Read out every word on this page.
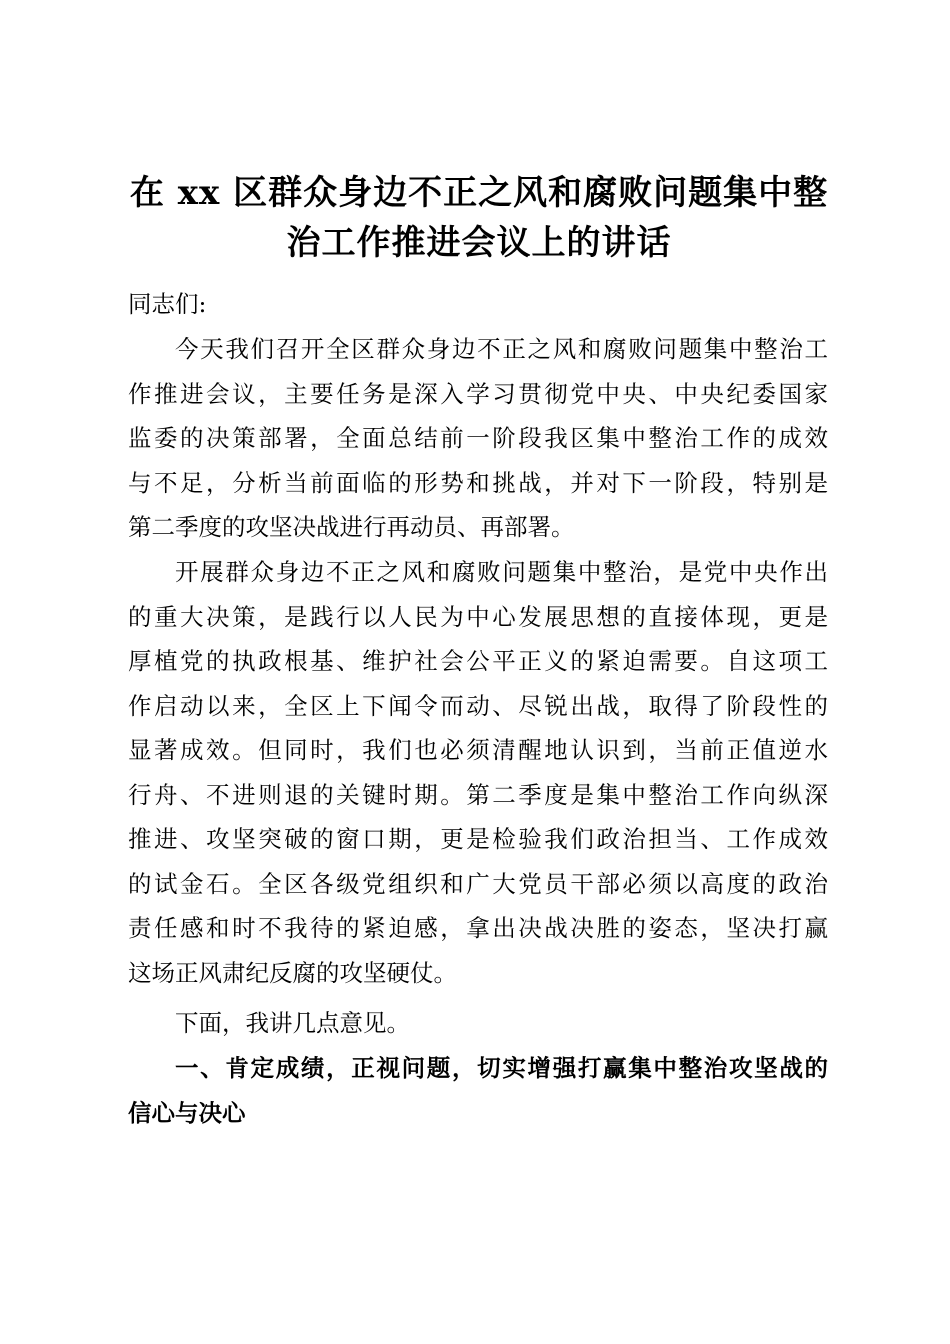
在 xx 区群众身边不正之风和腐败问题集中整
治工作推进会议上的讲话
同志们:
今天我们召开全区群众身边不正之风和腐败问题集中整治工
作推进会议，主要任务是深入学习贯彻党中央、中央纪委国家
监委的决策部署，全面总结前一阶段我区集中整治工作的成效
与不足，分析当前面临的形势和挑战，并对下一阶段，特别是
第二季度的攻坚决战进行再动员、再部署。
开展群众身边不正之风和腐败问题集中整治，是党中央作出
的重大决策，是践行以人民为中心发展思想的直接体现，更是
厚植党的执政根基、维护社会公平正义的紧迫需要。自这项工
作启动以来，全区上下闻令而动、尽锐出战，取得了阶段性的
显著成效。但同时，我们也必须清醒地认识到，当前正值逆水
行舟、不进则退的关键时期。第二季度是集中整治工作向纵深
推进、攻坚突破的窗口期，更是检验我们政治担当、工作成效
的试金石。全区各级党组织和广大党员干部必须以高度的政治
责任感和时不我待的紧迫感，拿出决战决胜的姿态，坚决打赢
这场正风肃纪反腐的攻坚硬仗。
下面，我讲几点意见。
一、肯定成绩，正视问题，切实增强打赢集中整治攻坚战的
信心与决心
